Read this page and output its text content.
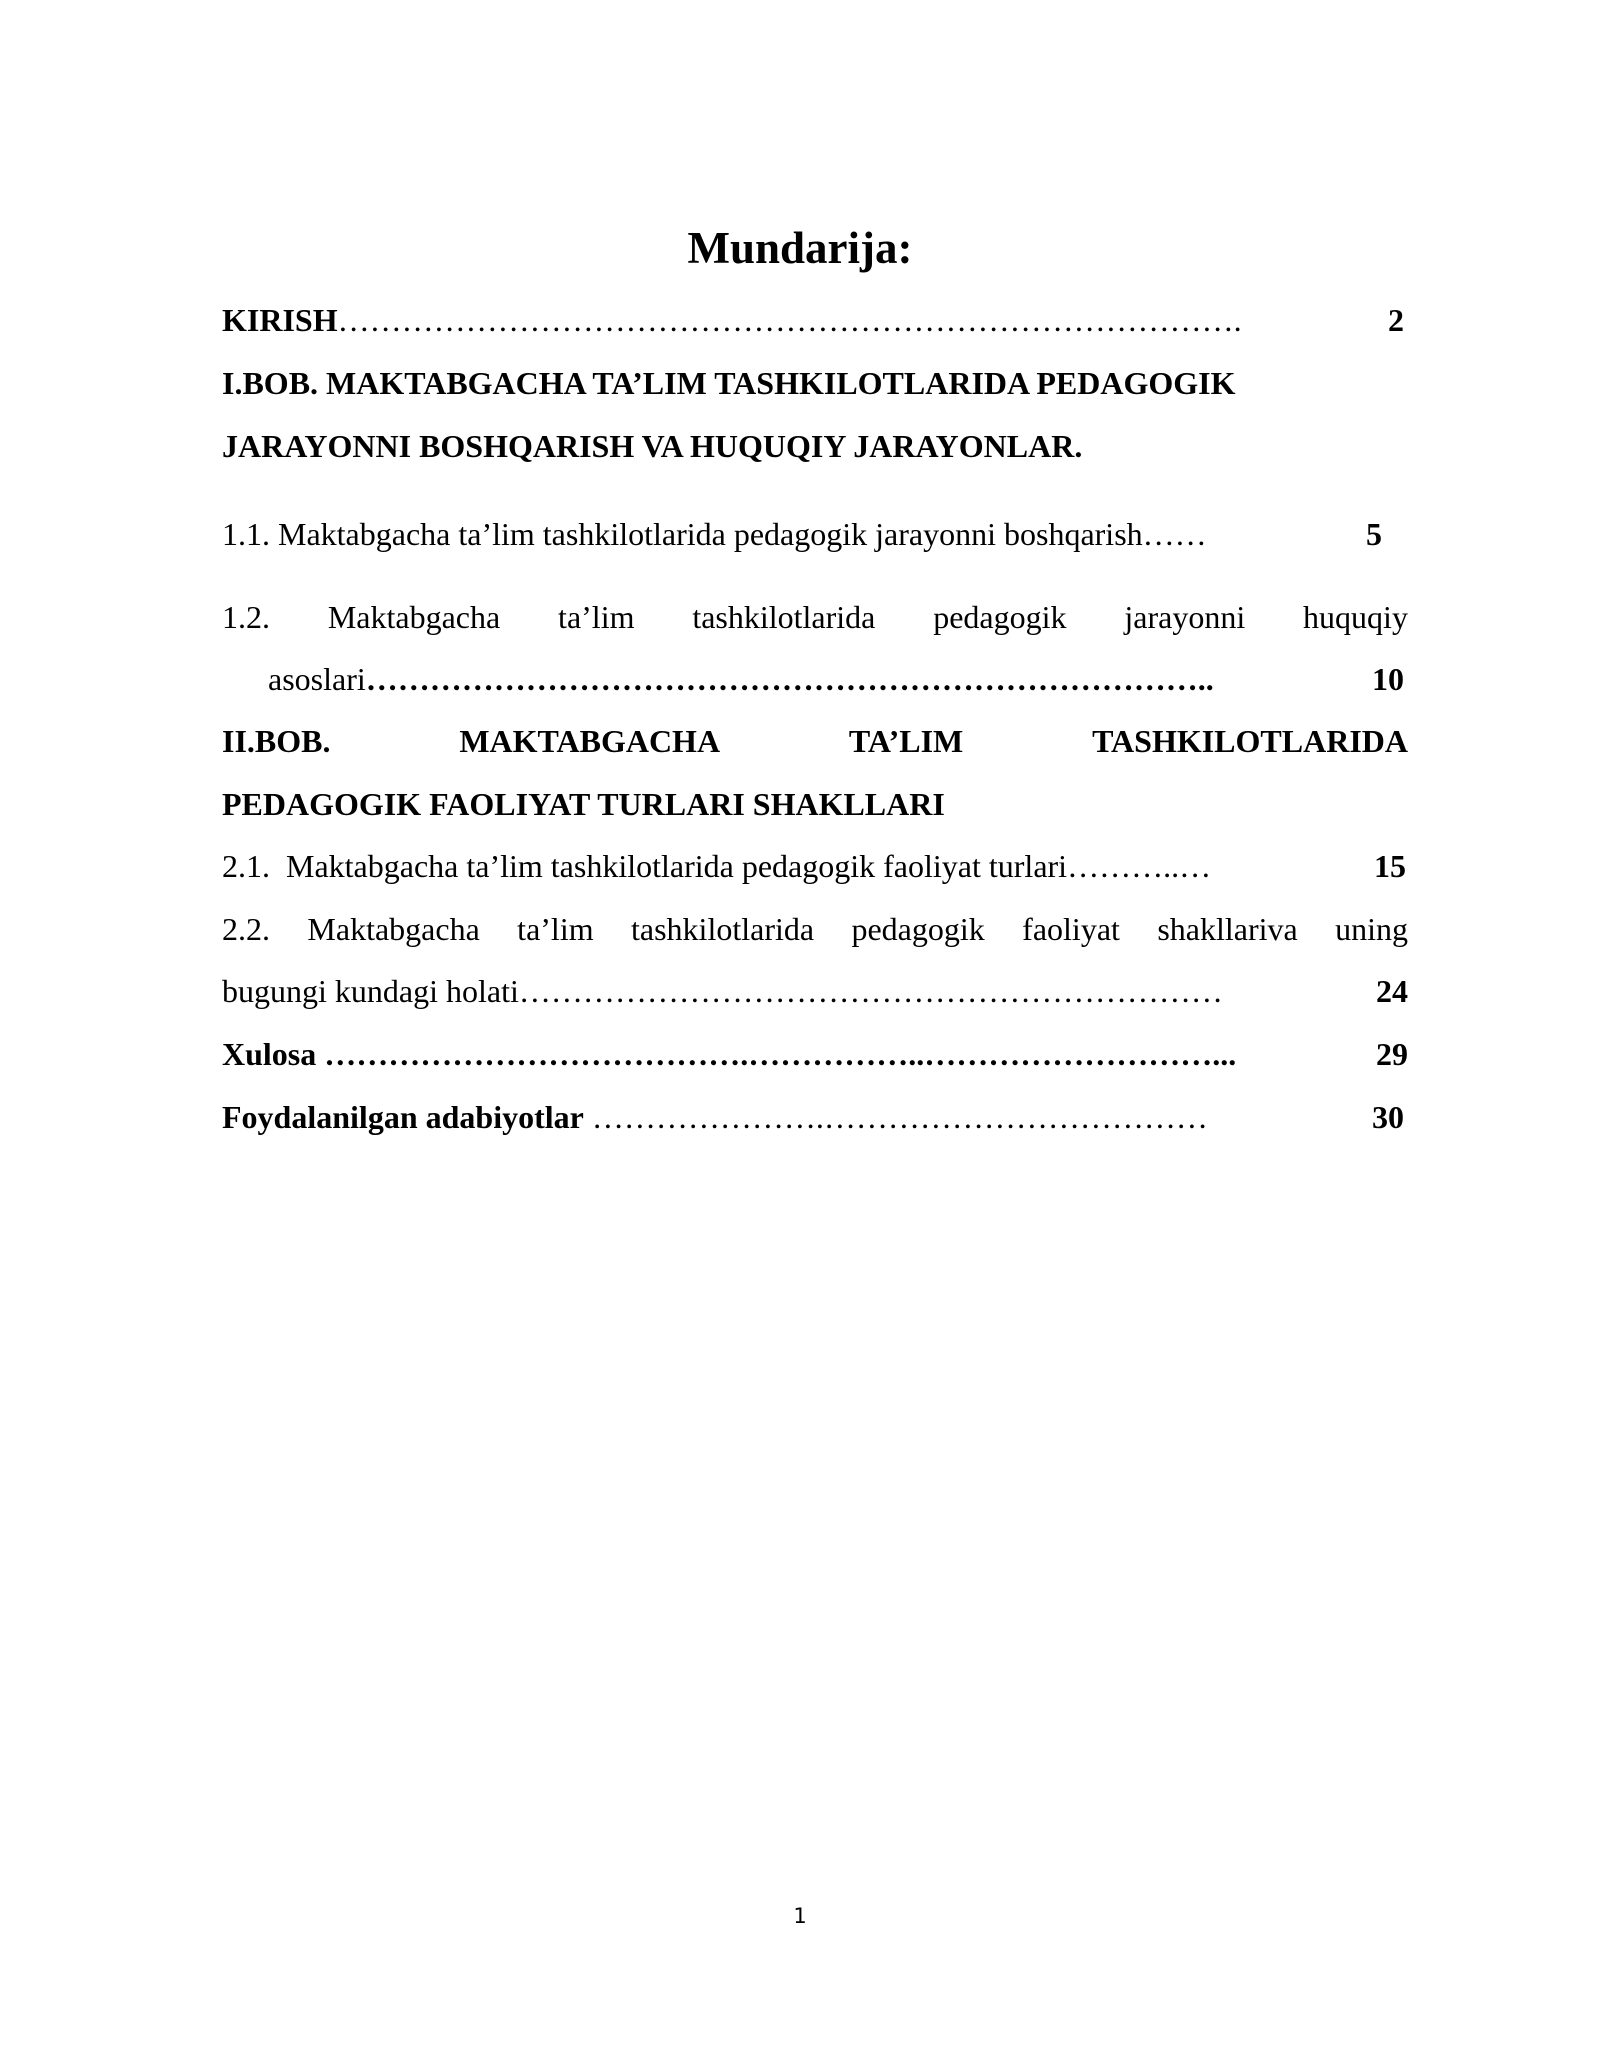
Mundarija:
KIRISH ………………………………………………………………………….	2
I.BOB. MAKTABGACHA TA’LIM TASHKILOTLARIDA PEDAGOGIK
JARAYONNI BOSHQARISH VA HUQUQIY JARAYONLAR.
1.1. Maktabgacha ta’lim tashkilotlarida pedagogik jarayonni boshqarish ……	5
1.2. Maktabgacha ta’lim tashkilotlarida pedagogik jarayonni huquqiy
asoslari ……………………………………………………………………..	10
II.BOB.	MAKTABGACHA	TA’LIM	TASHKILOTLARIDA
PEDAGOGIK FAOLIYAT TURLARI SHAKLLARI
2.1.  Maktabgacha ta’lim tashkilotlarida pedagogik faoliyat turlari ………..…	15
2.2. Maktabgacha ta’lim tashkilotlarida pedagogik faoliyat shakllariva uning
bugungi kundagi holati …………………………………………………………	24
Xulosa ………………………………….……………..………………………...	29
Foydalanilgan adabiyotlar ………………….………………………………	30
1
